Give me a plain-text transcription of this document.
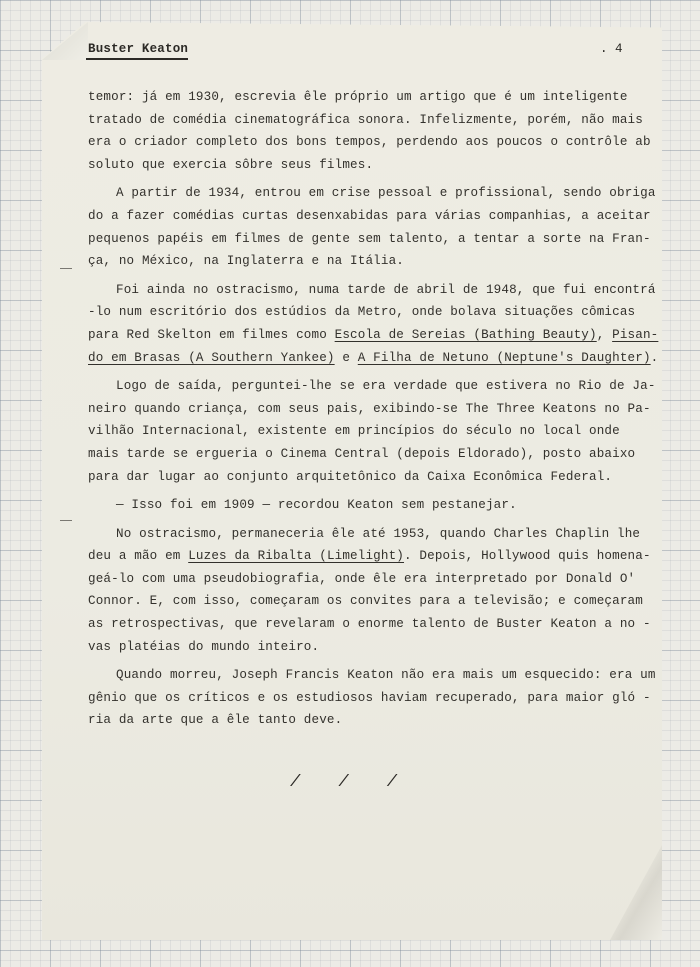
Buster Keaton	. 4
temor: já em 1930, escrevia êle próprio um artigo que é um inteligente
tratado de comédia cinematográfica sonora. Infelizmente, porém, não mais
era o criador completo dos bons tempos, perdendo aos poucos o contrôle ab
soluto que exercia sôbre seus filmes.
A partir de 1934, entrou em crise pessoal e profissional, sendo obriga
do a fazer comédias curtas desenxabidas para várias companhias, a aceitar
pequenos papéis em filmes de gente sem talento, a tentar a sorte na Fran-
ça, no México, na Inglaterra e na Itália.
Foi ainda no ostracismo, numa tarde de abril de 1948, que fui encontrá
-lo num escritório dos estúdios da Metro, onde bolava situações cômicas
para Red Skelton em filmes como Escola de Sereias (Bathing Beauty), Pisan-
do em Brasas (A Southern Yankee) e A Filha de Netuno (Neptune's Daughter).
Logo de saída, perguntei-lhe se era verdade que estivera no Rio de Ja-
neiro quando criança, com seus pais, exibindo-se The Three Keatons no Pa-
vilhão Internacional, existente em princípios do século no local onde
mais tarde se ergueria o Cinema Central (depois Eldorado), posto abaixo
para dar lugar ao conjunto arquitetônico da Caixa Econômica Federal.
— Isso foi em 1909 — recordou Keaton sem pestanejar.
No ostracismo, permaneceria êle até 1953, quando Charles Chaplin lhe
deu a mão em Luzes da Ribalta (Limelight). Depois, Hollywood quis homena-
geá-lo com uma pseudobiografia, onde êle era interpretado por Donald O'
Connor. E, com isso, começaram os convites para a televisão; e começaram
as retrospectivas, que revelaram o enorme talento de Buster Keaton a no -
vas platéias do mundo inteiro.
Quando morreu, Joseph Francis Keaton não era mais um esquecido: era um
gênio que os críticos e os estudiosos haviam recuperado, para maior gló -
ria da arte que a êle tanto deve.
/ / /
